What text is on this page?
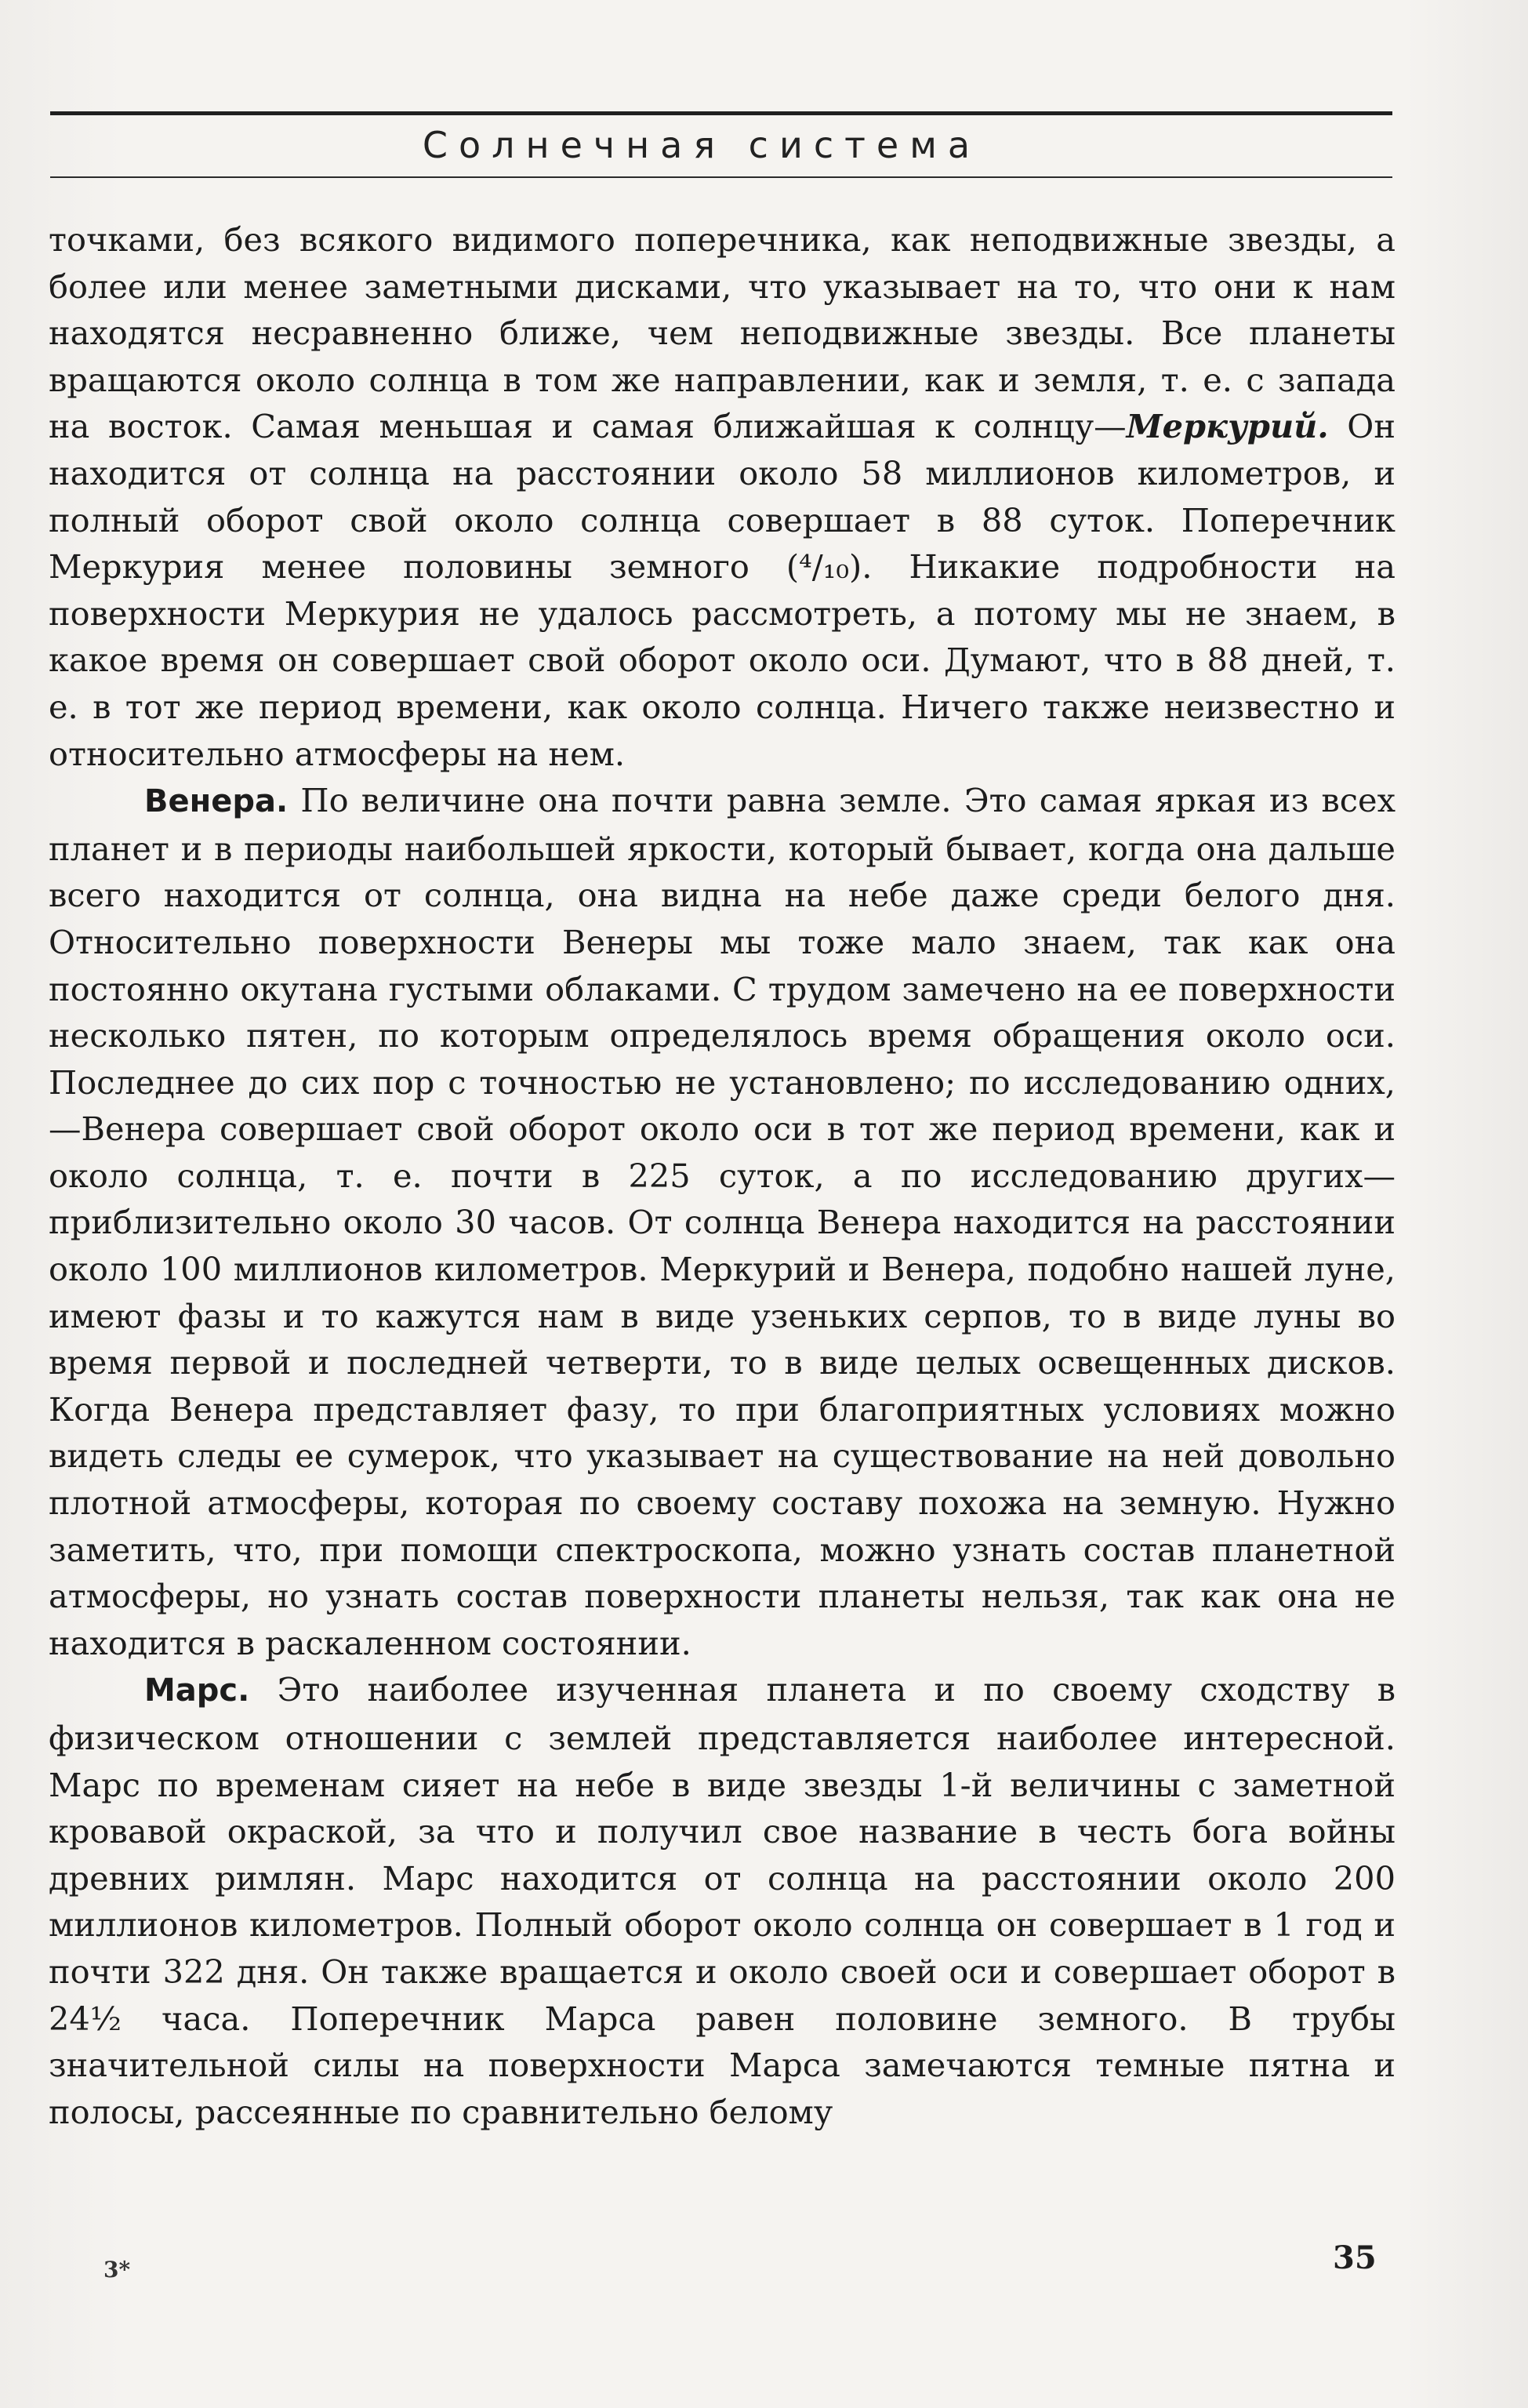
Солнечная система

точками, без всякого видимого поперечника, как неподвижные звезды, а более или менее заметными дисками, что указывает на то, что они к нам находятся несравненно ближе, чем неподвижные звезды. Все планеты вращаются около солнца в том же направлении, как и земля, т. е. с запада на восток. Самая меньшая и самая ближайшая к солнцу—Меркурий. Он находится от солнца на расстоянии около 58 миллионов километров, и полный оборот свой около солнца совершает в 88 суток. Поперечник Меркурия менее половины земного (⁴/₁₀). Никакие подробности на поверхности Меркурия не удалось рассмотреть, а потому мы не знаем, в какое время он совершает свой оборот около оси. Думают, что в 88 дней, т. е. в тот же период времени, как около солнца. Ничего также неизвестно и относительно атмосферы на нем.

Венера. По величине она почти равна земле. Это самая яркая из всех планет и в периоды наибольшей яркости, который бывает, когда она дальше всего находится от солнца, она видна на небе даже среди белого дня. Относительно поверхности Венеры мы тоже мало знаем, так как она постоянно окутана густыми облаками. С трудом замечено на ее поверхности несколько пятен, по которым определялось время обращения около оси. Последнее до сих пор с точностью не установлено; по исследованию одних,—Венера совершает свой оборот около оси в тот же период времени, как и около солнца, т. е. почти в 225 суток, а по исследованию других—приблизительно около 30 часов. От солнца Венера находится на расстоянии около 100 миллионов километров. Меркурий и Венера, подобно нашей луне, имеют фазы и то кажутся нам в виде узеньких серпов, то в виде луны во время первой и последней четверти, то в виде целых освещенных дисков. Когда Венера представляет фазу, то при благоприятных условиях можно видеть следы ее сумерок, что указывает на существование на ней довольно плотной атмосферы, которая по своему составу похожа на земную. Нужно заметить, что, при помощи спектроскопа, можно узнать состав планетной атмосферы, но узнать состав поверхности планеты нельзя, так как она не находится в раскаленном состоянии.

Марс. Это наиболее изученная планета и по своему сходству в физическом отношении с землей представляется наиболее интересной. Марс по временам сияет на небе в виде звезды 1-й величины с заметной кровавой окраской, за что и получил свое название в честь бога войны древних римлян. Марс находится от солнца на расстоянии около 200 миллионов километров. Полный оборот около солнца он совершает в 1 год и почти 322 дня. Он также вращается и около своей оси и совершает оборот в 24½ часа. Поперечник Марса равен половине земного. В трубы значительной силы на поверхности Марса замечаются темные пятна и полосы, рассеянные по сравнительно белому

3*	35
